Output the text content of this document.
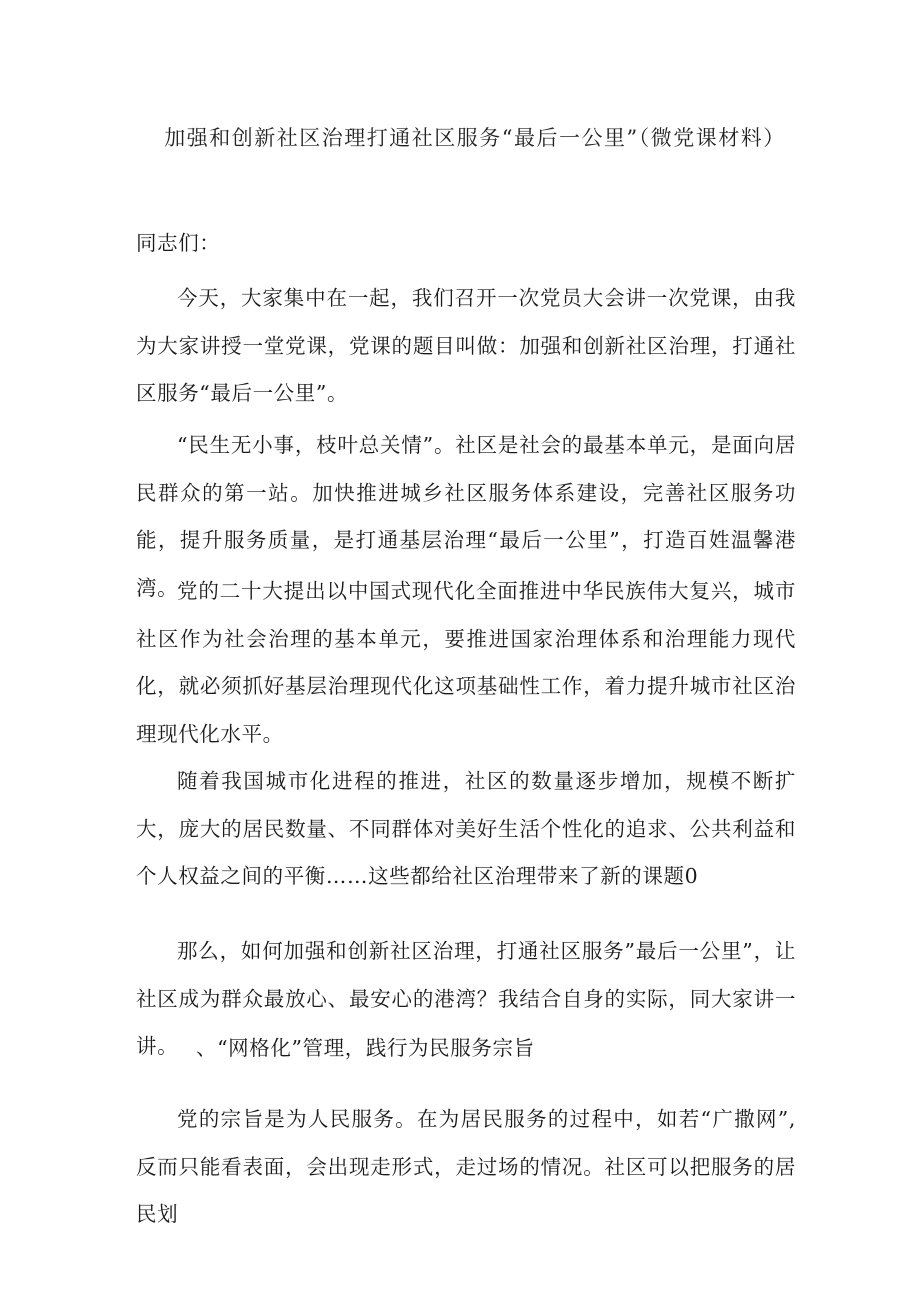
加强和创新社区治理打通社区服务“最后一公里”（微党课材料）

同志们：

今天，大家集中在一起，我们召开一次党员大会讲一次党课，由我为大家讲授一堂党课，党课的题目叫做：加强和创新社区治理，打通社区服务“最后一公里”。

“民生无小事，枝叶总关情”。社区是社会的最基本单元，是面向居民群众的第一站。加快推进城乡社区服务体系建设，完善社区服务功能，提升服务质量，是打通基层治理“最后一公里”，打造百姓温馨港湾。

党的二十大提出以中国式现代化全面推进中华民族伟大复兴，城市社区作为社会治理的基本单元，要推进国家治理体系和治理能力现代化，就必须抓好基层治理现代化这项基础性工作，着力提升城市社区治理现代化水平。

随着我国城市化进程的推进，社区的数量逐步增加，规模不断扩大，庞大的居民数量、不同群体对美好生活个性化的追求、公共利益和个人权益之间的平衡……这些都给社区治理带来了新的课题0

那么，如何加强和创新社区治理，打通社区服务”最后一公里”，让社区成为群众最放心、最安心的港湾？我结合自身的实际，同大家讲一讲。 、“网格化”管理，践行为民服务宗旨

党的宗旨是为人民服务。在为居民服务的过程中，如若“广撒网”,反而只能看表面，会出现走形式，走过场的情况。社区可以把服务的居民划
